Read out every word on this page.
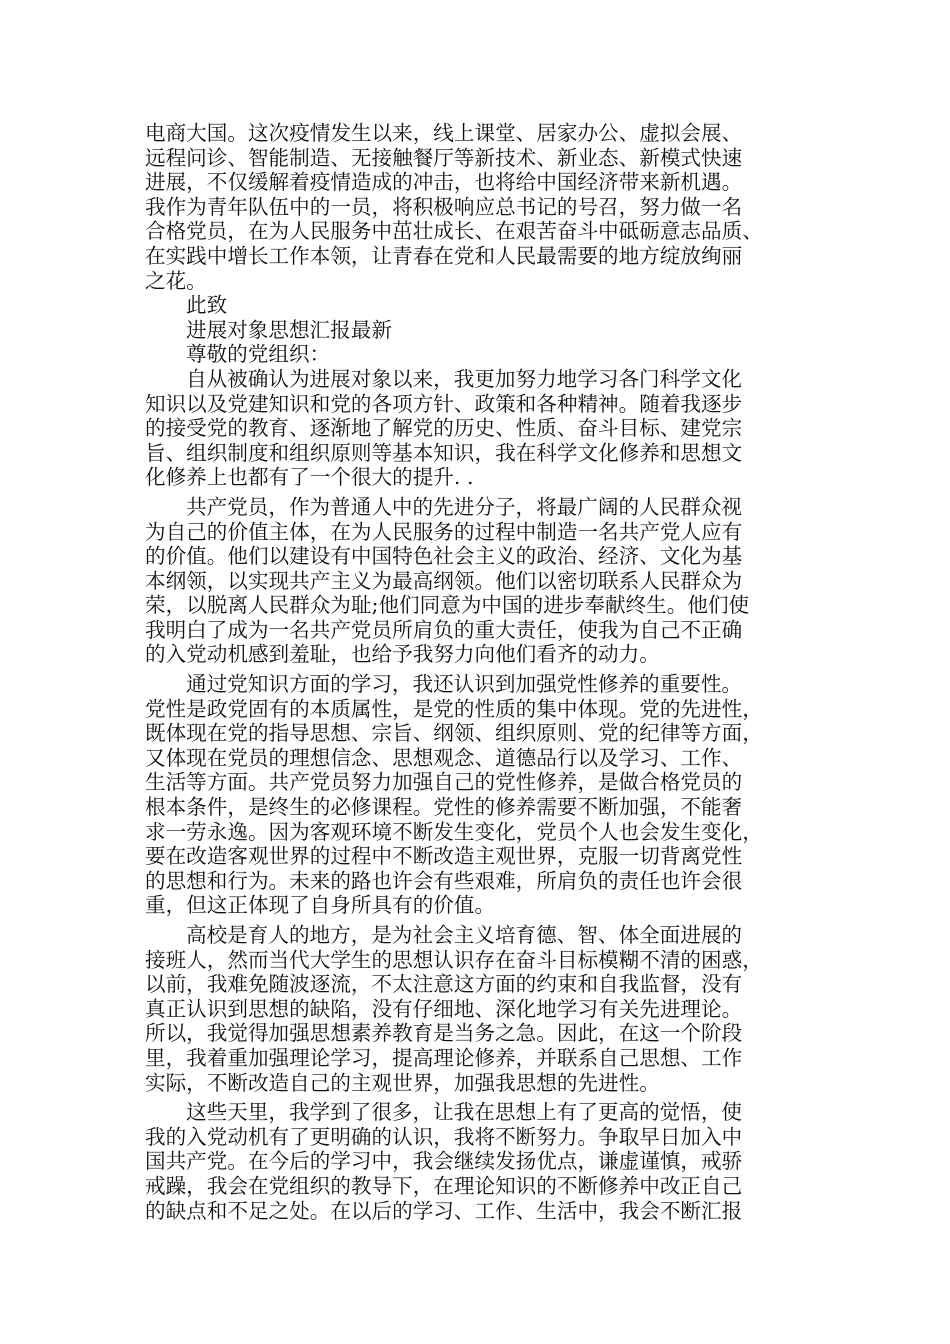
电商大国。这次疫情发生以来，线上课堂、居家办公、虚拟会展、
远程问诊、智能制造、无接触餐厅等新技术、新业态、新模式快速
进展，不仅缓解着疫情造成的冲击，也将给中国经济带来新机遇。
我作为青年队伍中的一员，将积极响应总书记的号召，努力做一名
合格党员，在为人民服务中茁壮成长、在艰苦奋斗中砥砺意志品质、
在实践中增长工作本领，让青春在党和人民最需要的地方绽放绚丽
之花。
此致
进展对象思想汇报最新
尊敬的党组织：
自从被确认为进展对象以来，我更加努力地学习各门科学文化
知识以及党建知识和党的各项方针、政策和各种精神。随着我逐步
的接受党的教育、逐渐地了解党的历史、性质、奋斗目标、建党宗
旨、组织制度和组织原则等基本知识，我在科学文化修养和思想文
化修养上也都有了一个很大的提升. .
共产党员，作为普通人中的先进分子，将最广阔的人民群众视
为自己的价值主体，在为人民服务的过程中制造一名共产党人应有
的价值。他们以建设有中国特色社会主义的政治、经济、文化为基
本纲领，以实现共产主义为最高纲领。他们以密切联系人民群众为
荣，以脱离人民群众为耻;他们同意为中国的进步奉献终生。他们使
我明白了成为一名共产党员所肩负的重大责任，使我为自己不正确
的入党动机感到羞耻，也给予我努力向他们看齐的动力。
通过党知识方面的学习，我还认识到加强党性修养的重要性。
党性是政党固有的本质属性，是党的性质的集中体现。党的先进性，
既体现在党的指导思想、宗旨、纲领、组织原则、党的纪律等方面，
又体现在党员的理想信念、思想观念、道德品行以及学习、工作、
生活等方面。共产党员努力加强自己的党性修养，是做合格党员的
根本条件，是终生的必修课程。党性的修养需要不断加强，不能奢
求一劳永逸。因为客观环境不断发生变化，党员个人也会发生变化，
要在改造客观世界的过程中不断改造主观世界，克服一切背离党性
的思想和行为。未来的路也许会有些艰难，所肩负的责任也许会很
重，但这正体现了自身所具有的价值。
高校是育人的地方，是为社会主义培育德、智、体全面进展的
接班人，然而当代大学生的思想认识存在奋斗目标模糊不清的困惑，
以前，我难免随波逐流，不太注意这方面的约束和自我监督，没有
真正认识到思想的缺陷，没有仔细地、深化地学习有关先进理论。
所以，我觉得加强思想素养教育是当务之急。因此，在这一个阶段
里，我着重加强理论学习，提高理论修养，并联系自己思想、工作
实际，不断改造自己的主观世界，加强我思想的先进性。
这些天里，我学到了很多，让我在思想上有了更高的觉悟，使
我的入党动机有了更明确的认识，我将不断努力。争取早日加入中
国共产党。在今后的学习中，我会继续发扬优点，谦虚谨慎，戒骄
戒躁，我会在党组织的教导下，在理论知识的不断修养中改正自己
的缺点和不足之处。在以后的学习、工作、生活中，我会不断汇报
